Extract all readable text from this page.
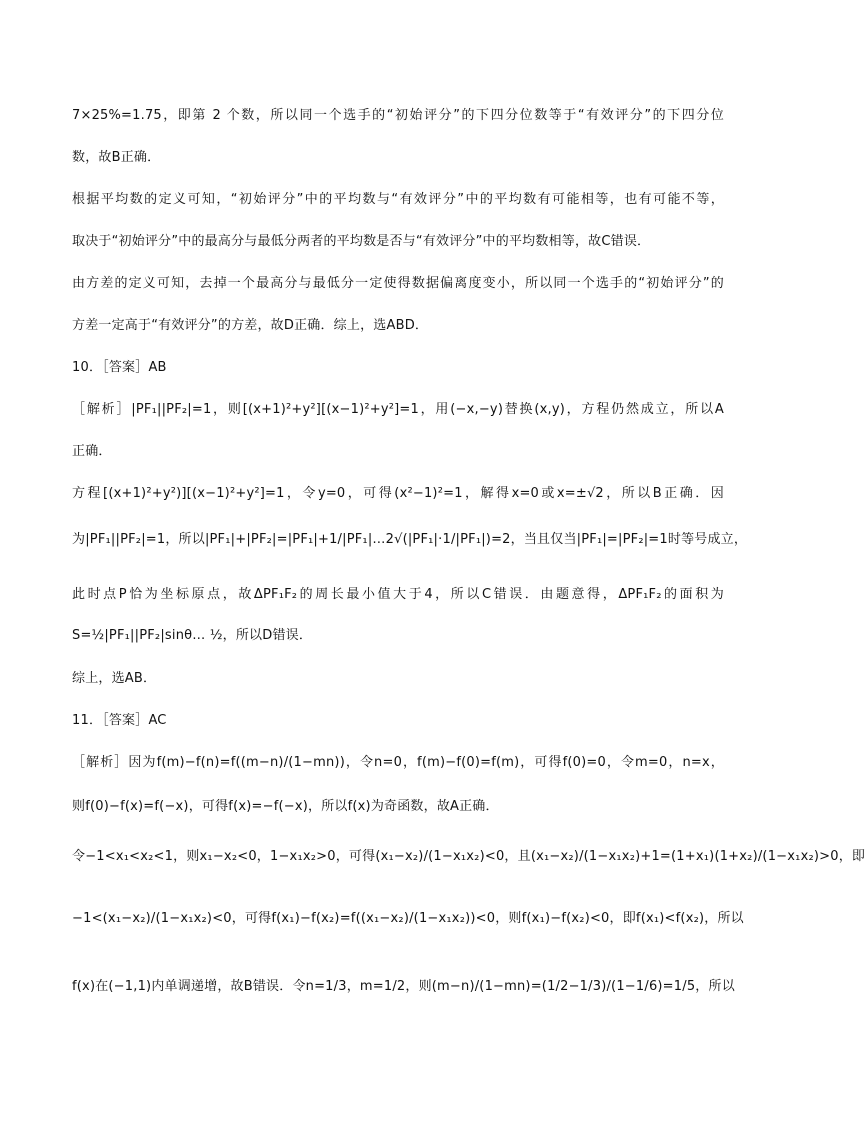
7×25%=1.75，即第 2 个数，所以同一个选手的“初始评分”的下四分位数等于“有效评分”的下四分位
数，故B正确．
根据平均数的定义可知，“初始评分”中的平均数与“有效评分”中的平均数有可能相等，也有可能不等，
取决于“初始评分”中的最高分与最低分两者的平均数是否与“有效评分”中的平均数相等，故C错误．
由方差的定义可知，去掉一个最高分与最低分一定使得数据偏离度变小，所以同一个选手的“初始评分”的
方差一定高于“有效评分”的方差，故D正确．综上，选ABD．
10．［答案］AB
［解析］|PF₁||PF₂|=1，则[(x+1)²+y²][(x−1)²+y²]=1，用(−x,−y)替换(x,y)，方程仍然成立，所以A
正确．
方程[(x+1)²+y²)][(x−1)²+y²]=1，令y=0，可得(x²−1)²=1，解得x=0或x=±√2，所以B正确．因
为|PF₁||PF₂|=1，所以|PF₁|+|PF₂|=|PF₁|+1/|PF₁|…2√(|PF₁|·1/|PF₁|)=2，当且仅当|PF₁|=|PF₂|=1时等号成立，
此时点P恰为坐标原点，故ΔPF₁F₂的周长最小值大于4，所以C错误．由题意得，ΔPF₁F₂的面积为
S=½|PF₁||PF₂|sinθ… ½，所以D错误．
综上，选AB．
11．［答案］AC
［解析］因为f(m)−f(n)=f((m−n)/(1−mn))，令n=0，f(m)−f(0)=f(m)，可得f(0)=0，令m=0，n=x，
则f(0)−f(x)=f(−x)，可得f(x)=−f(−x)，所以f(x)为奇函数，故A正确．
令−1<x₁<x₂<1，则x₁−x₂<0，1−x₁x₂>0，可得(x₁−x₂)/(1−x₁x₂)<0，且(x₁−x₂)/(1−x₁x₂)+1=(1+x₁)(1+x₂)/(1−x₁x₂)>0，即
−1<(x₁−x₂)/(1−x₁x₂)<0，可得f(x₁)−f(x₂)=f((x₁−x₂)/(1−x₁x₂))<0，则f(x₁)−f(x₂)<0，即f(x₁)<f(x₂)，所以
f(x)在(−1,1)内单调递增，故B错误．令n=1/3，m=1/2，则(m−n)/(1−mn)=(1/2−1/3)/(1−1/6)=1/5，所以
